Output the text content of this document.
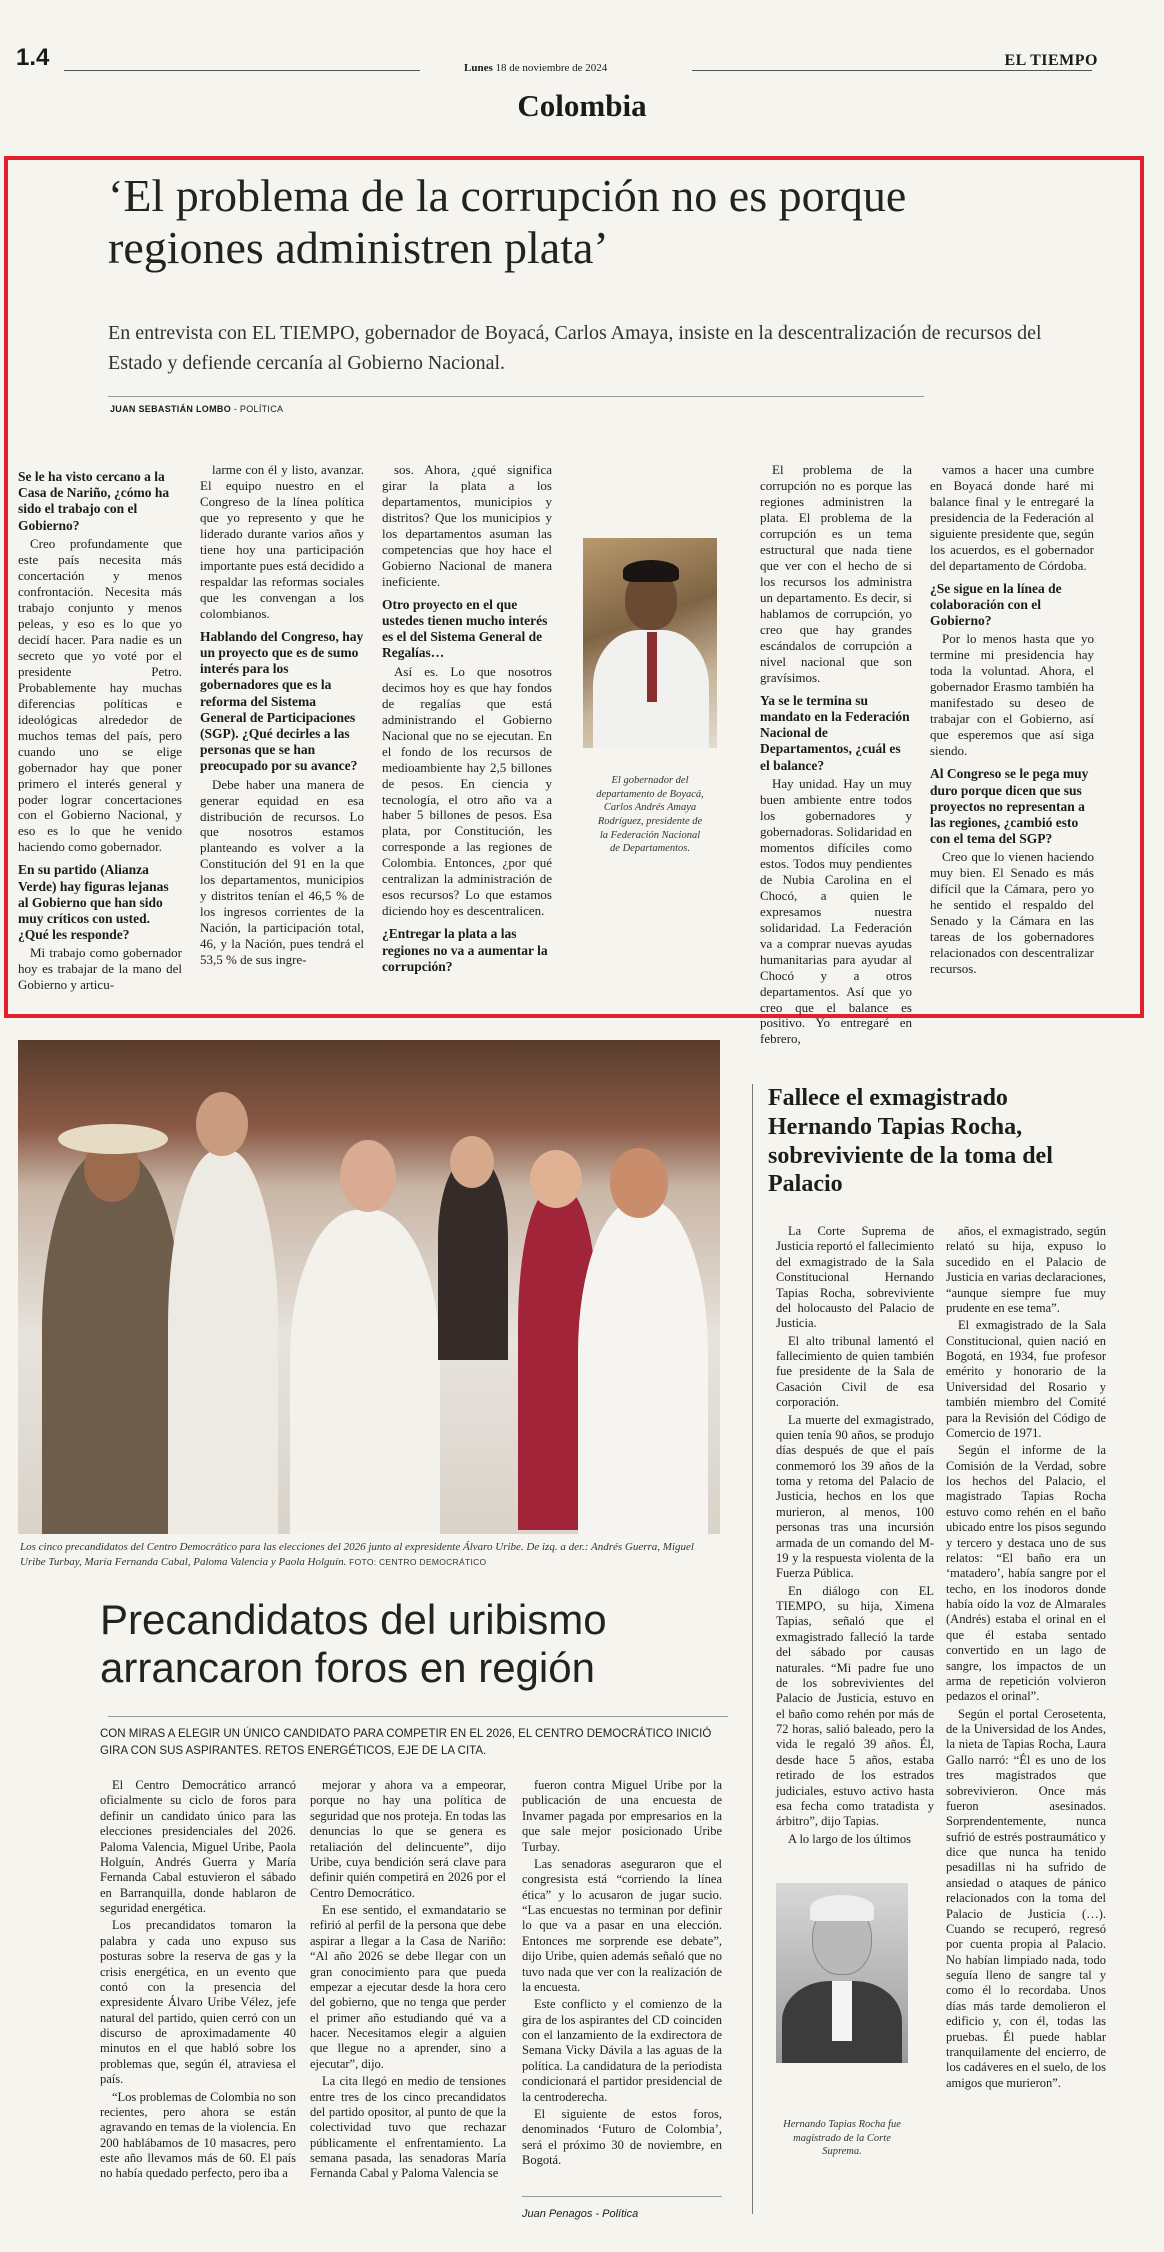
1.4	Lunes 18 de noviembre de 2024	EL TIEMPO
Colombia
‘El problema de la corrupción no es porque regiones administren plata’
En entrevista con EL TIEMPO, gobernador de Boyacá, Carlos Amaya, insiste en la descentralización de recursos del Estado y defiende cercanía al Gobierno Nacional.
JUAN SEBASTIÁN LOMBO - POLÍTICA

Se le ha visto cercano a la Casa de Nariño, ¿cómo ha sido el trabajo con el Gobierno?

Creo profundamente que este país necesita más concertación y menos confrontación. Necesita más trabajo conjunto y menos peleas, y eso es lo que yo decidí hacer. Para nadie es un secreto que yo voté por el presidente Petro. Probablemente hay muchas diferencias políticas e ideológicas alrededor de muchos temas del país, pero cuando uno se elige gobernador hay que poner primero el interés general y poder lograr concertaciones con el Gobierno Nacional, y eso es lo que he venido haciendo como gobernador.

En su partido (Alianza Verde) hay figuras lejanas al Gobierno que han sido muy críticos con usted. ¿Qué les responde?

Mi trabajo como gobernador hoy es trabajar de la mano del Gobierno y articu-

larme con él y listo, avanzar. El equipo nuestro en el Congreso de la línea política que yo represento y que he liderado durante varios años y tiene hoy una participación importante pues está decidido a respaldar las reformas sociales que les convengan a los colombianos.

Hablando del Congreso, hay un proyecto que es de sumo interés para los gobernadores que es la reforma del Sistema General de Participaciones (SGP). ¿Qué decirles a las personas que se han preocupado por su avance?

Debe haber una manera de generar equidad en esa distribución de recursos. Lo que nosotros estamos planteando es volver a la Constitución del 91 en la que los departamentos, municipios y distritos tenían el 46,5 % de los ingresos corrientes de la Nación, la participación total, 46, y la Nación, pues tendrá el 53,5 % de sus ingre-

sos. Ahora, ¿qué significa girar la plata a los departamentos, municipios y distritos? Que los municipios y los departamentos asuman las competencias que hoy hace el Gobierno Nacional de manera ineficiente.

Otro proyecto en el que ustedes tienen mucho interés es el del Sistema General de Regalías…

Así es. Lo que nosotros decimos hoy es que hay fondos de regalías que está administrando el Gobierno Nacional que no se ejecutan. En el fondo de los recursos de medioambiente hay 2,5 billones de pesos. En ciencia y tecnología, el otro año va a haber 5 billones de pesos. Esa plata, por Constitución, les corresponde a las regiones de Colombia. Entonces, ¿por qué centralizan la administración de esos recursos? Lo que estamos diciendo hoy es descentralicen.

¿Entregar la plata a las regiones no va a aumentar la corrupción?

El problema de la corrupción no es porque las regiones administren la plata. El problema de la corrupción es un tema estructural que nada tiene que ver con el hecho de si los recursos los administra un departamento. Es decir, si hablamos de corrupción, yo creo que hay grandes escándalos de corrupción a nivel nacional que son gravísimos.

Ya se le termina su mandato en la Federación Nacional de Departamentos, ¿cuál es el balance?

Hay unidad. Hay un muy buen ambiente entre todos los gobernadores y gobernadoras. Solidaridad en momentos difíciles como estos. Todos muy pendientes de Nubia Carolina en el Chocó, a quien le expresamos nuestra solidaridad. La Federación va a comprar nuevas ayudas humanitarias para ayudar al Chocó y a otros departamentos. Así que yo creo que el balance es positivo. Yo entregaré en febrero,

vamos a hacer una cumbre en Boyacá donde haré mi balance final y le entregaré la presidencia de la Federación al siguiente presidente que, según los acuerdos, es el gobernador del departamento de Córdoba.

¿Se sigue en la línea de colaboración con el Gobierno?

Por lo menos hasta que yo termine mi presidencia hay toda la voluntad. Ahora, el gobernador Erasmo también ha manifestado su deseo de trabajar con el Gobierno, así que esperemos que así siga siendo.

Al Congreso se le pega muy duro porque dicen que sus proyectos no representan a las regiones, ¿cambió esto con el tema del SGP?

Creo que lo vienen haciendo muy bien. El Senado es más difícil que la Cámara, pero yo he sentido el respaldo del Senado y la Cámara en las tareas de los gobernadores relacionados con descentralizar recursos.

El gobernador del departamento de Boyacá, Carlos Andrés Amaya Rodríguez, presidente de la Federación Nacional de Departamentos.
Los cinco precandidatos del Centro Democrático para las elecciones del 2026 junto al expresidente Álvaro Uribe. De izq. a der.: Andrés Guerra, Miguel Uribe Turbay, María Fernanda Cabal, Paloma Valencia y Paola Holguín. FOTO: CENTRO DEMOCRÁTICO
Precandidatos del uribismo arrancaron foros en región
CON MIRAS A ELEGIR UN ÚNICO CANDIDATO PARA COMPETIR EN EL 2026, EL CENTRO DEMOCRÁTICO INICIÓ GIRA CON SUS ASPIRANTES. RETOS ENERGÉTICOS, EJE DE LA CITA.

El Centro Democrático arrancó oficialmente su ciclo de foros para definir un candidato único para las elecciones presidenciales del 2026. Paloma Valencia, Miguel Uribe, Paola Holguín, Andrés Guerra y María Fernanda Cabal estuvieron el sábado en Barranquilla, donde hablaron de seguridad energética.

Los precandidatos tomaron la palabra y cada uno expuso sus posturas sobre la reserva de gas y la crisis energética, en un evento que contó con la presencia del expresidente Álvaro Uribe Vélez, jefe natural del partido, quien cerró con un discurso de aproximadamente 40 minutos en el que habló sobre los problemas que, según él, atraviesa el país.

“Los problemas de Colombia no son recientes, pero ahora se están agravando en temas de la violencia. En 200 hablábamos de 10 masacres, pero este año llevamos más de 60. El país no había quedado perfecto, pero iba a

mejorar y ahora va a empeorar, porque no hay una política de seguridad que nos proteja. En todas las denuncias lo que se genera es retaliación del delincuente”, dijo Uribe, cuya bendición será clave para definir quién competirá en 2026 por el Centro Democrático.

En ese sentido, el exmandatario se refirió al perfil de la persona que debe aspirar a llegar a la Casa de Nariño: “Al año 2026 se debe llegar con un gran conocimiento para que pueda empezar a ejecutar desde la hora cero del gobierno, que no tenga que perder el primer año estudiando qué va a hacer. Necesitamos elegir a alguien que llegue no a aprender, sino a ejecutar”, dijo.

La cita llegó en medio de tensiones entre tres de los cinco precandidatos del partido opositor, al punto de que la colectividad tuvo que rechazar públicamente el enfrentamiento. La semana pasada, las senadoras María Fernanda Cabal y Paloma Valencia se

fueron contra Miguel Uribe por la publicación de una encuesta de Invamer pagada por empresarios en la que sale mejor posicionado Uribe Turbay.

Las senadoras aseguraron que el congresista está “corriendo la línea ética” y lo acusaron de jugar sucio. “Las encuestas no terminan por definir lo que va a pasar en una elección. Entonces me sorprende ese debate”, dijo Uribe, quien además señaló que no tuvo nada que ver con la realización de la encuesta.

Este conflicto y el comienzo de la gira de los aspirantes del CD coinciden con el lanzamiento de la exdirectora de Semana Vicky Dávila a las aguas de la política. La candidatura de la periodista condicionará el partidor presidencial de la centroderecha.

El siguiente de estos foros, denominados ‘Futuro de Colombia’, será el próximo 30 de noviembre, en Bogotá.

Juan Penagos - Política
Fallece el exmagistrado Hernando Tapias Rocha, sobreviviente de la toma del Palacio

La Corte Suprema de Justicia reportó el fallecimiento del exmagistrado de la Sala Constitucional Hernando Tapias Rocha, sobreviviente del holocausto del Palacio de Justicia.

El alto tribunal lamentó el fallecimiento de quien también fue presidente de la Sala de Casación Civil de esa corporación.

La muerte del exmagistrado, quien tenía 90 años, se produjo días después de que el país conmemoró los 39 años de la toma y retoma del Palacio de Justicia, hechos en los que murieron, al menos, 100 personas tras una incursión armada de un comando del M-19 y la respuesta violenta de la Fuerza Pública.

En diálogo con EL TIEMPO, su hija, Ximena Tapias, señaló que el exmagistrado falleció la tarde del sábado por causas naturales. “Mi padre fue uno de los sobrevivientes del Palacio de Justicia, estuvo en el baño como rehén por más de 72 horas, salió baleado, pero la vida le regaló 39 años. Él, desde hace 5 años, estaba retirado de los estrados judiciales, estuvo activo hasta esa fecha como tratadista y árbitro”, dijo Tapias.

A lo largo de los últimos

años, el exmagistrado, según relató su hija, expuso lo sucedido en el Palacio de Justicia en varias declaraciones, “aunque siempre fue muy prudente en ese tema”.

El exmagistrado de la Sala Constitucional, quien nació en Bogotá, en 1934, fue profesor emérito y honorario de la Universidad del Rosario y también miembro del Comité para la Revisión del Código de Comercio de 1971.

Según el informe de la Comisión de la Verdad, sobre los hechos del Palacio, el magistrado Tapias Rocha estuvo como rehén en el baño ubicado entre los pisos segundo y tercero y destaca uno de sus relatos: “El baño era un ‘matadero’, había sangre por el techo, en los inodoros donde había oído la voz de Almarales (Andrés) estaba el orinal en el que él estaba sentado convertido en un lago de sangre, los impactos de un arma de repetición volvieron pedazos el orinal”.

Según el portal Cerosetenta, de la Universidad de los Andes, la nieta de Tapias Rocha, Laura Gallo narró: “Él es uno de los tres magistrados que sobrevivieron. Once más fueron asesinados. Sorprendentemente, nunca sufrió de estrés postraumático y dice que nunca ha tenido pesadillas ni ha sufrido de ansiedad o ataques de pánico relacionados con la toma del Palacio de Justicia (…). Cuando se recuperó, regresó por cuenta propia al Palacio. No habían limpiado nada, todo seguía lleno de sangre tal y como él lo recordaba. Unos días más tarde demolieron el edificio y, con él, todas las pruebas. Él puede hablar tranquilamente del encierro, de los cadáveres en el suelo, de los amigos que murieron”.

Hernando Tapias Rocha fue magistrado de la Corte Suprema.
